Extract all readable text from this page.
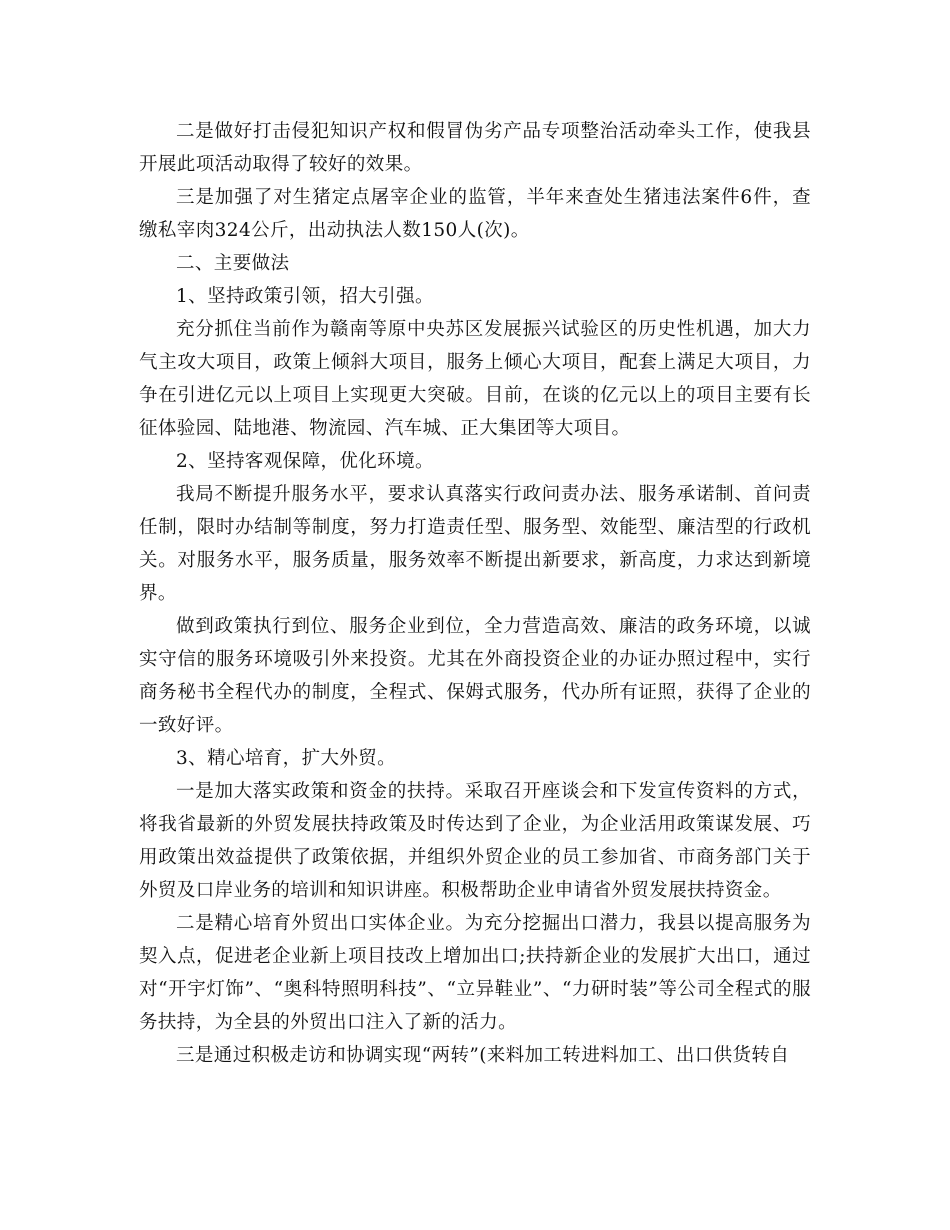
二是做好打击侵犯知识产权和假冒伪劣产品专项整治活动牵头工作，使我县开展此项活动取得了较好的效果。

三是加强了对生猪定点屠宰企业的监管，半年来查处生猪违法案件6件，查缴私宰肉324公斤，出动执法人数150人(次)。

二、主要做法

1、坚持政策引领，招大引强。

充分抓住当前作为赣南等原中央苏区发展振兴试验区的历史性机遇，加大力气主攻大项目，政策上倾斜大项目，服务上倾心大项目，配套上满足大项目，力争在引进亿元以上项目上实现更大突破。目前，在谈的亿元以上的项目主要有长征体验园、陆地港、物流园、汽车城、正大集团等大项目。

2、坚持客观保障，优化环境。

我局不断提升服务水平，要求认真落实行政问责办法、服务承诺制、首问责任制，限时办结制等制度，努力打造责任型、服务型、效能型、廉洁型的行政机关。对服务水平，服务质量，服务效率不断提出新要求，新高度，力求达到新境界。

做到政策执行到位、服务企业到位，全力营造高效、廉洁的政务环境，以诚实守信的服务环境吸引外来投资。尤其在外商投资企业的办证办照过程中，实行商务秘书全程代办的制度，全程式、保姆式服务，代办所有证照，获得了企业的一致好评。

3、精心培育，扩大外贸。

一是加大落实政策和资金的扶持。采取召开座谈会和下发宣传资料的方式，将我省最新的外贸发展扶持政策及时传达到了企业，为企业活用政策谋发展、巧用政策出效益提供了政策依据，并组织外贸企业的员工参加省、市商务部门关于外贸及口岸业务的培训和知识讲座。积极帮助企业申请省外贸发展扶持资金。

二是精心培育外贸出口实体企业。为充分挖掘出口潜力，我县以提高服务为契入点，促进老企业新上项目技改上增加出口;扶持新企业的发展扩大出口，通过对“开宇灯饰”、“奥科特照明科技”、“立异鞋业”、“力研时装”等公司全程式的服务扶持，为全县的外贸出口注入了新的活力。

三是通过积极走访和协调实现“两转”(来料加工转进料加工、出口供货转自
